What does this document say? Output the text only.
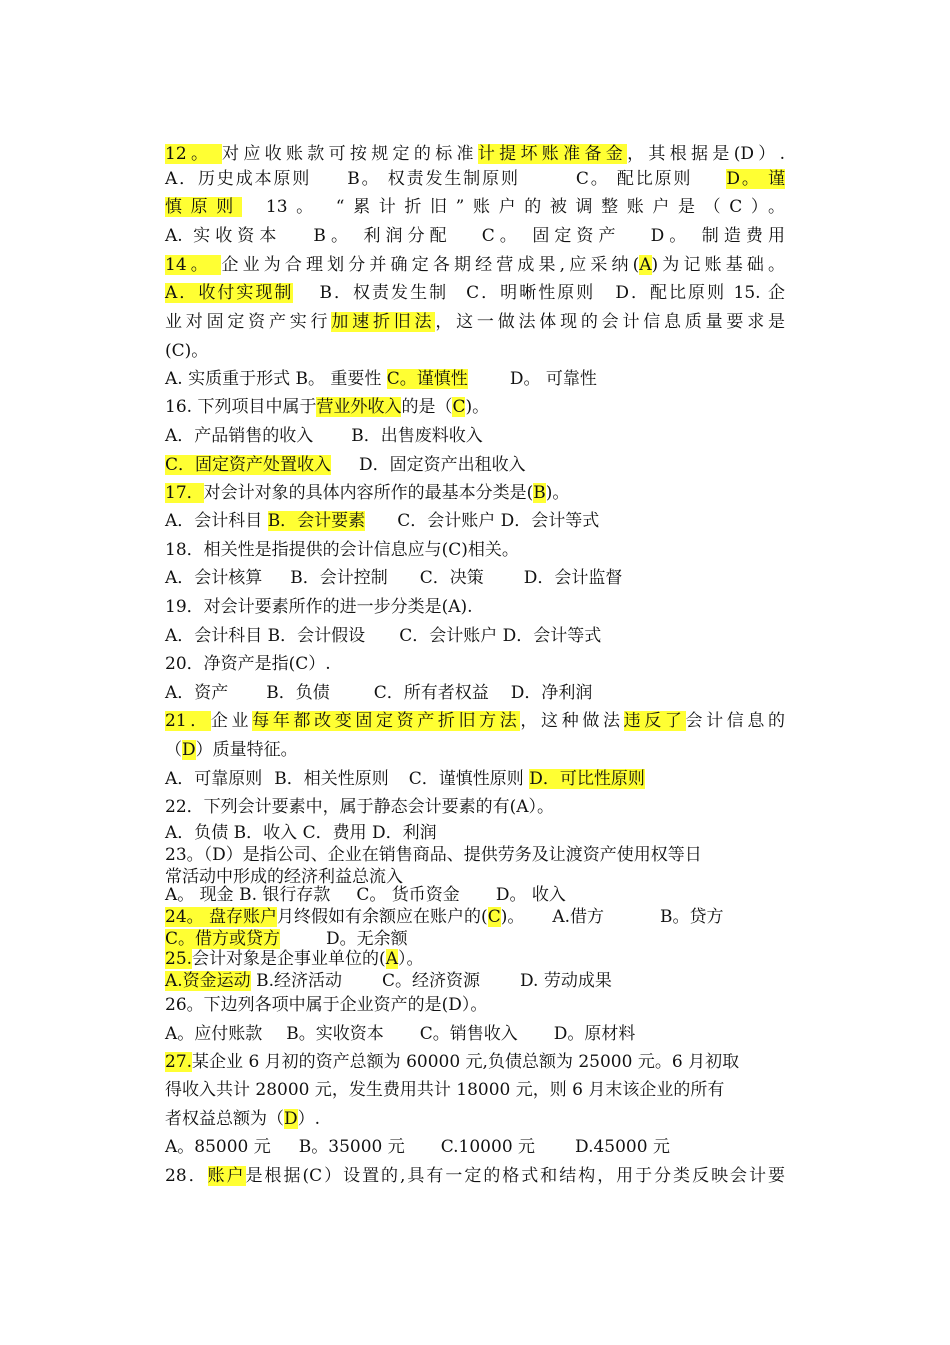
12。 对应收账款可按规定的标准计提坏账准备金，其根据是(D）.
A．历史成本原则 B。 权责发生制原则	C。 配比原则 D。 谨
慎原则 13。 “累计折旧”账户的被调整账户是（C）。
A. 实收资本 B。 利润分配 C。 固定资产 D。 制造费用
14。 企业为合理划分并确定各期经营成果,应采纳(A)为记账基础。
A．收付实现制 B．权责发生制 C．明晰性原则 D．配比原则 15. 企
业对固定资产实行加速折旧法，这一做法体现的会计信息质量要求是
(C)。
A. 实质重于形式 B。 重要性 C。谨慎性 D。 可靠性
16. 下列项目中属于营业外收入的是（C)。
A．产品销售的收入 B．出售废料收入
C．固定资产处置收入 D．固定资产出租收入
17．对会计对象的具体内容所作的最基本分类是(B)。
A．会计科目 B．会计要素 C．会计账户 D．会计等式
18．相关性是指提供的会计信息应与(C)相关。
A．会计核算 B．会计控制 C．决策 D．会计监督
19．对会计要素所作的进一步分类是(A).
A．会计科目 B．会计假设 C．会计账户 D．会计等式
20．净资产是指(C）.
A．资产 B．负债	C．所有者权益 D．净利润
21．企业每年都改变固定资产折旧方法，这种做法违反了会计信息的
（D）质量特征。
A．可靠原则 B．相关性原则 C．谨慎性原则 D．可比性原则
22．下列会计要素中，属于静态会计要素的有(A）。
A．负债 B．收入 C．费用 D．利润
23。（D）是指公司、企业在销售商品、提供劳务及让渡资产使用权等日
常活动中形成的经济利益总流入
A。 现金 B. 银行存款 C。 货币资金 D。 收入
24。 盘存账户月终假如有余额应在账户的(C)。 A.借方	B。贷方
C。借方或贷方	D。无余额
25.会计对象是企事业单位的(A）。
A.资金运动 B.经济活动 C。经济资源 D. 劳动成果
26。下边列各项中属于企业资产的是(D）。
A。应付账款 B。实收资本 C。销售收入 D。原材料
27.某企业 6 月初的资产总额为 60000 元,负债总额为 25000 元。6 月初取
得收入共计 28000 元，发生费用共计 18000 元，则 6 月末该企业的所有
者权益总额为（D）.
A。85000 元 B。35000 元 C.10000 元 D.45000 元
28．账户是根据(C）设置的,具有一定的格式和结构，用于分类反映会计要
